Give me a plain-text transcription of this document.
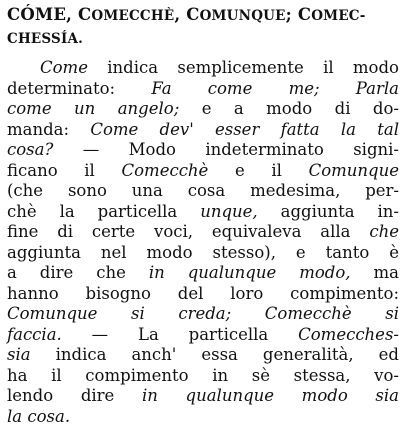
CÓME, COMECCHÈ, COMUNQUE; COMEC-
CHESSÍA.
Come indica semplicemente il modo
determinato: Fa come me; Parla
come un angelo; e a modo di do-
manda: Come dev' esser fatta la tal
cosa? — Modo indeterminato signi-
ficano il Comecchè e il Comunque
(che sono una cosa medesima, per-
chè la particella unque, aggiunta in-
fine di certe voci, equivaleva alla che
aggiunta nel modo stesso), e tanto è
a dire che in qualunque modo, ma
hanno bisogno del loro compimento:
Comunque si creda; Comecchè si
faccia. — La particella Comecches-
sia indica anch' essa generalità, ed
ha il compimento in sè stessa, vo-
lendo dire in qualunque modo sia
la cosa.
